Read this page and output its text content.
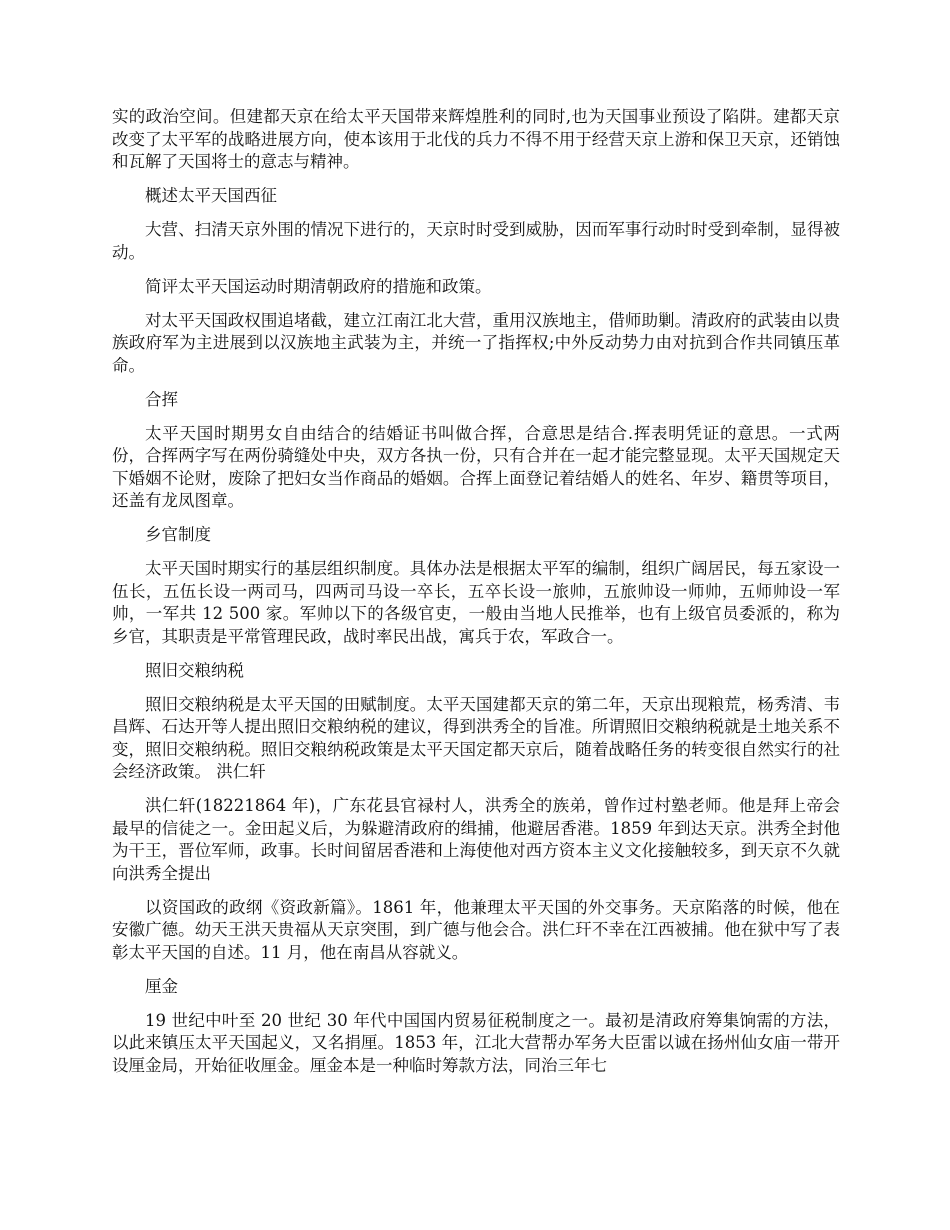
实的政治空间。但建都天京在给太平天国带来辉煌胜利的同时,也为天国事业预设了陷阱。建都天京改变了太平军的战略进展方向，使本该用于北伐的兵力不得不用于经营天京上游和保卫天京，还销蚀和瓦解了天国将士的意志与精神。

概述太平天国西征

大营、扫清天京外围的情况下进行的，天京时时受到威胁，因而军事行动时时受到牵制，显得被动。

简评太平天国运动时期清朝政府的措施和政策。

对太平天国政权围追堵截，建立江南江北大营，重用汉族地主，借师助剿。清政府的武装由以贵族政府军为主进展到以汉族地主武装为主，并统一了指挥权;中外反动势力由对抗到合作共同镇压革命。

合挥

太平天国时期男女自由结合的结婚证书叫做合挥，合意思是结合.挥表明凭证的意思。一式两份，合挥两字写在两份骑缝处中央，双方各执一份，只有合并在一起才能完整显现。太平天国规定天下婚姻不论财，废除了把妇女当作商品的婚姻。合挥上面登记着结婚人的姓名、年岁、籍贯等项目，还盖有龙凤图章。

乡官制度

太平天国时期实行的基层组织制度。具体办法是根据太平军的编制，组织广阔居民，每五家设一伍长，五伍长设一两司马，四两司马设一卒长，五卒长设一旅帅，五旅帅设一师帅，五师帅设一军帅，一军共 12 500 家。军帅以下的各级官吏，一般由当地人民推举，也有上级官员委派的，称为乡官，其职责是平常管理民政，战时率民出战，寓兵于农，军政合一。

照旧交粮纳税

照旧交粮纳税是太平天国的田赋制度。太平天国建都天京的第二年，天京出现粮荒，杨秀清、韦昌辉、石达开等人提出照旧交粮纳税的建议，得到洪秀全的旨准。所谓照旧交粮纳税就是土地关系不变，照旧交粮纳税。照旧交粮纳税政策是太平天国定都天京后，随着战略任务的转变很自然实行的社会经济政策。 洪仁轩

洪仁轩(18221864 年)，广东花县官禄村人，洪秀全的族弟，曾作过村塾老师。他是拜上帝会最早的信徒之一。金田起义后，为躲避清政府的缉捕，他避居香港。1859 年到达天京。洪秀全封他为干王，晋位军师，政事。长时间留居香港和上海使他对西方资本主义文化接触较多，到天京不久就向洪秀全提出

以资国政的政纲《资政新篇》。1861 年，他兼理太平天国的外交事务。天京陷落的时候，他在安徽广德。幼天王洪天贵福从天京突围，到广德与他会合。洪仁玕不幸在江西被捕。他在狱中写了表彰太平天国的自述。11 月，他在南昌从容就义。

厘金

19 世纪中叶至 20 世纪 30 年代中国国内贸易征税制度之一。最初是清政府筹集饷需的方法，以此来镇压太平天国起义，又名捐厘。1853 年，江北大营帮办军务大臣雷以诚在扬州仙女庙一带开设厘金局，开始征收厘金。厘金本是一种临时筹款方法，同治三年七
